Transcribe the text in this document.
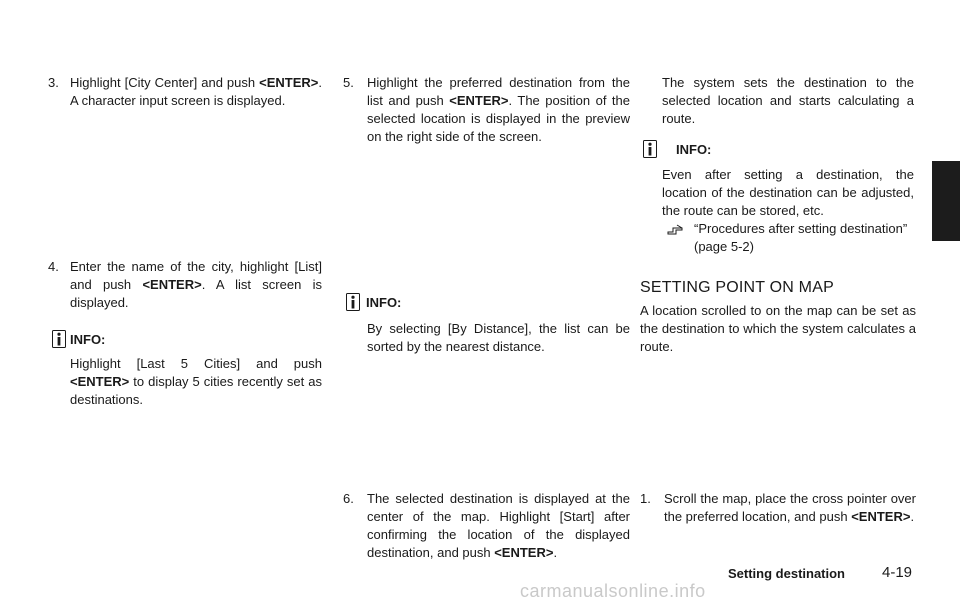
3. Highlight [City Center] and push <ENTER>. A character input screen is displayed.
4. Enter the name of the city, highlight [List] and push <ENTER>. A list screen is displayed.
INFO:
Highlight [Last 5 Cities] and push <ENTER> to display 5 cities recently set as destinations.
5.	Highlight the preferred destination from the list and push <ENTER>. The position of the selected location is displayed in the preview on the right side of the screen.
INFO:
By selecting [By Distance], the list can be sorted by the nearest distance.
6.	The selected destination is displayed at the center of the map. Highlight [Start] after confirming the location of the displayed destination, and push <ENTER>.
The system sets the destination to the selected location and starts calculating a route.
INFO:
Even after setting a destination, the location of the destination can be adjusted, the route can be stored, etc.
“Procedures after setting destination” (page 5-2)
SETTING POINT ON MAP
A location scrolled to on the map can be set as the destination to which the system calculates a route.
1.	Scroll the map, place the cross pointer over the preferred location, and push <ENTER>.
Setting destination 4-19
carmanualsonline.info
